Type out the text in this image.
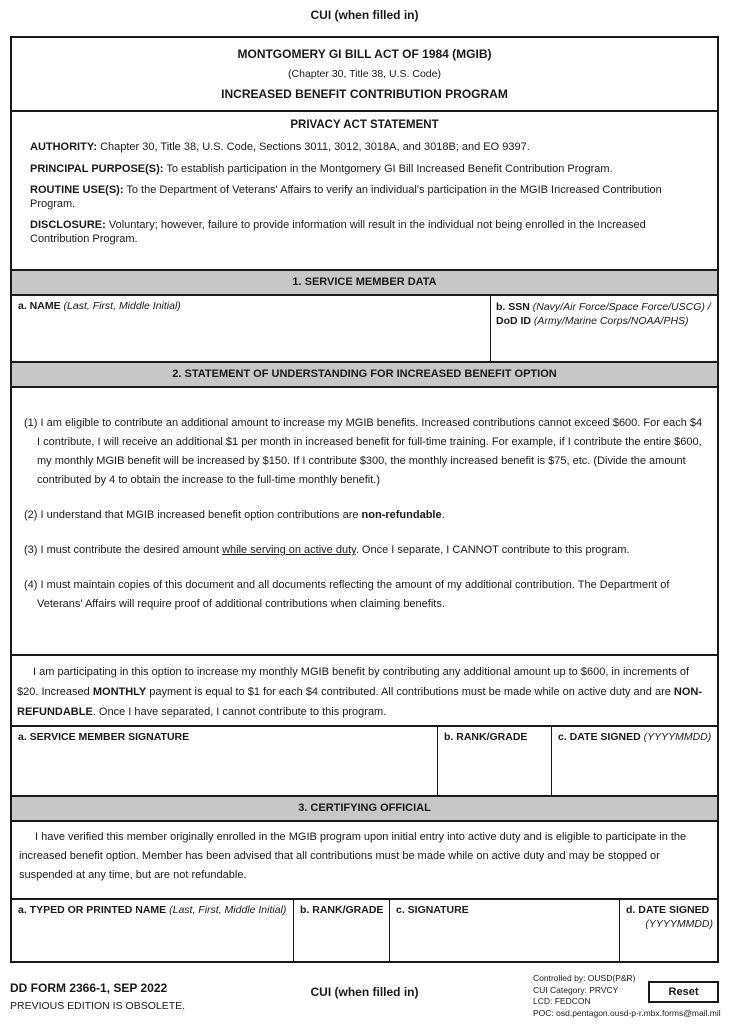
CUI (when filled in)
MONTGOMERY GI BILL ACT OF 1984 (MGIB)
(Chapter 30, Title 38, U.S. Code)
INCREASED BENEFIT CONTRIBUTION PROGRAM
PRIVACY ACT STATEMENT

AUTHORITY: Chapter 30, Title 38, U.S. Code, Sections 3011, 3012, 3018A, and 3018B; and EO 9397.

PRINCIPAL PURPOSE(S): To establish participation in the Montgomery GI Bill Increased Benefit Contribution Program.

ROUTINE USE(S): To the Department of Veterans' Affairs to verify an individual's participation in the MGIB Increased Contribution Program.

DISCLOSURE: Voluntary; however, failure to provide information will result in the individual not being enrolled in the Increased Contribution Program.

1. SERVICE MEMBER DATA
a. NAME (Last, First, Middle Initial)	b. SSN (Navy/Air Force/Space Force/USCG) /
DoD ID (Army/Marine Corps/NOAA/PHS)
2. STATEMENT OF UNDERSTANDING FOR INCREASED BENEFIT OPTION

(1) I am eligible to contribute an additional amount to increase my MGIB benefits. Increased contributions cannot exceed $600. For each $4 I contribute, I will receive an additional $1 per month in increased benefit for full-time training. For example, if I contribute the entire $600, my monthly MGIB benefit will be increased by $150. If I contribute $300, the monthly increased benefit is $75, etc. (Divide the amount contributed by 4 to obtain the increase to the full-time monthly benefit.)

(2) I understand that MGIB increased benefit option contributions are non-refundable.

(3) I must contribute the desired amount while serving on active duty. Once I separate, I CANNOT contribute to this program.

(4) I must maintain copies of this document and all documents reflecting the amount of my additional contribution. The Department of Veterans' Affairs will require proof of additional contributions when claiming benefits.

I am participating in this option to increase my monthly MGIB benefit by contributing any additional amount up to $600, in increments of $20. Increased MONTHLY payment is equal to $1 for each $4 contributed. All contributions must be made while on active duty and are NON-REFUNDABLE. Once I have separated, I cannot contribute to this program.
a. SERVICE MEMBER SIGNATURE	b. RANK/GRADE	c. DATE SIGNED (YYYYMMDD)
3. CERTIFYING OFFICIAL
I have verified this member originally enrolled in the MGIB program upon initial entry into active duty and is eligible to participate in the increased benefit option. Member has been advised that all contributions must be made while on active duty and may be stopped or suspended at any time, but are not refundable.
a. TYPED OR PRINTED NAME (Last, First, Middle Initial)	b. RANK/GRADE	c. SIGNATURE	d. DATE SIGNED
(YYYYMMDD)
DD FORM 2366-1, SEP 2022
PREVIOUS EDITION IS OBSOLETE.
CUI (when filled in)
Controlled by: OUSD(P&R)
CUI Category: PRVCY
LCD: FEDCON
POC: osd.pentagon.ousd-p-r.mbx.forms@mail.mil
Reset
